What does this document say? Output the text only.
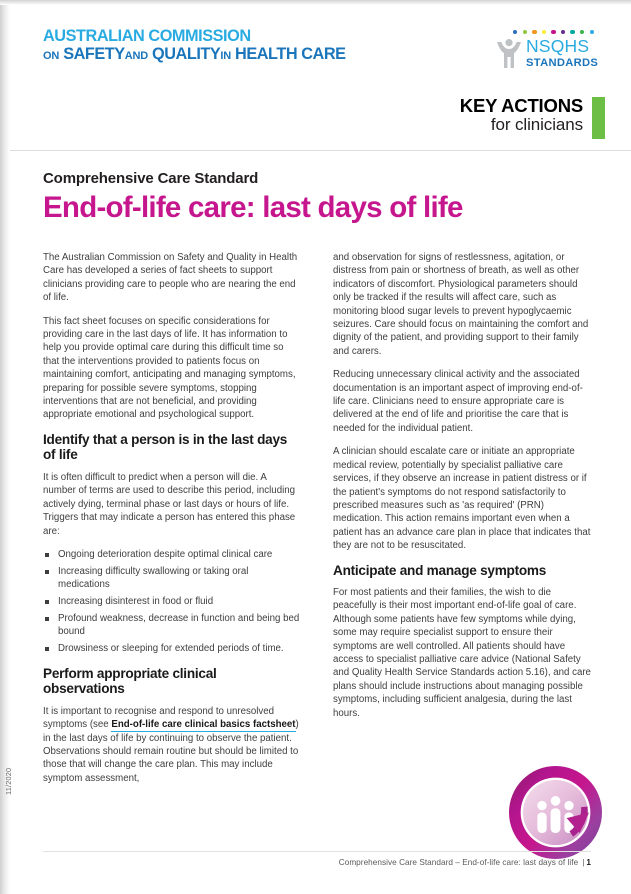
AUSTRALIAN COMMISSION
ON SAFETYAND QUALITYIN HEALTH CARE	NSQHS
STANDARDS
KEY ACTIONS
for clinicians
Comprehensive Care Standard
End-of-life care: last days of life

The Australian Commission on Safety and Quality in Health Care has developed a series of fact sheets to support clinicians providing care to people who are nearing the end of life.

This fact sheet focuses on specific considerations for providing care in the last days of life. It has information to help you provide optimal care during this difficult time so that the interventions provided to patients focus on maintaining comfort, anticipating and managing symptoms, preparing for possible severe symptoms, stopping interventions that are not beneficial, and providing appropriate emotional and psychological support.

Identify that a person is in the last days of life

It is often difficult to predict when a person will die. A number of terms are used to describe this period, including actively dying, terminal phase or last days or hours of life. Triggers that may indicate a person has entered this phase are:

Ongoing deterioration despite optimal clinical care
Increasing difficulty swallowing or taking oral medications
Increasing disinterest in food or fluid
Profound weakness, decrease in function and being bed bound
Drowsiness or sleeping for extended periods of time.
Perform appropriate clinical observations

It is important to recognise and respond to unresolved symptoms (see End-of-life care clinical basics factsheet) in the last days of life by continuing to observe the patient. Observations should remain routine but should be limited to those that will change the care plan. This may include symptom assessment,

and observation for signs of restlessness, agitation, or distress from pain or shortness of breath, as well as other indicators of discomfort. Physiological parameters should only be tracked if the results will affect care, such as monitoring blood sugar levels to prevent hypoglycaemic seizures. Care should focus on maintaining the comfort and dignity of the patient, and providing support to their family and carers.

Reducing unnecessary clinical activity and the associated documentation is an important aspect of improving end-of-life care. Clinicians need to ensure appropriate care is delivered at the end of life and prioritise the care that is needed for the individual patient.

A clinician should escalate care or initiate an appropriate medical review, potentially by specialist palliative care services, if they observe an increase in patient distress or if the patient's symptoms do not respond satisfactorily to prescribed measures such as 'as required' (PRN) medication. This action remains important even when a patient has an advance care plan in place that indicates that they are not to be resuscitated.

Anticipate and manage symptoms

For most patients and their families, the wish to die peacefully is their most important end-of-life goal of care. Although some patients have few symptoms while dying, some may require specialist support to ensure their symptoms are well controlled. All patients should have access to specialist palliative care advice (National Safety and Quality Health Service Standards action 5.16), and care plans should include instructions about managing possible symptoms, including sufficient analgesia, during the last hours.

Comprehensive Care Standard – End-of-life care: last days of life | 1
11/2020
